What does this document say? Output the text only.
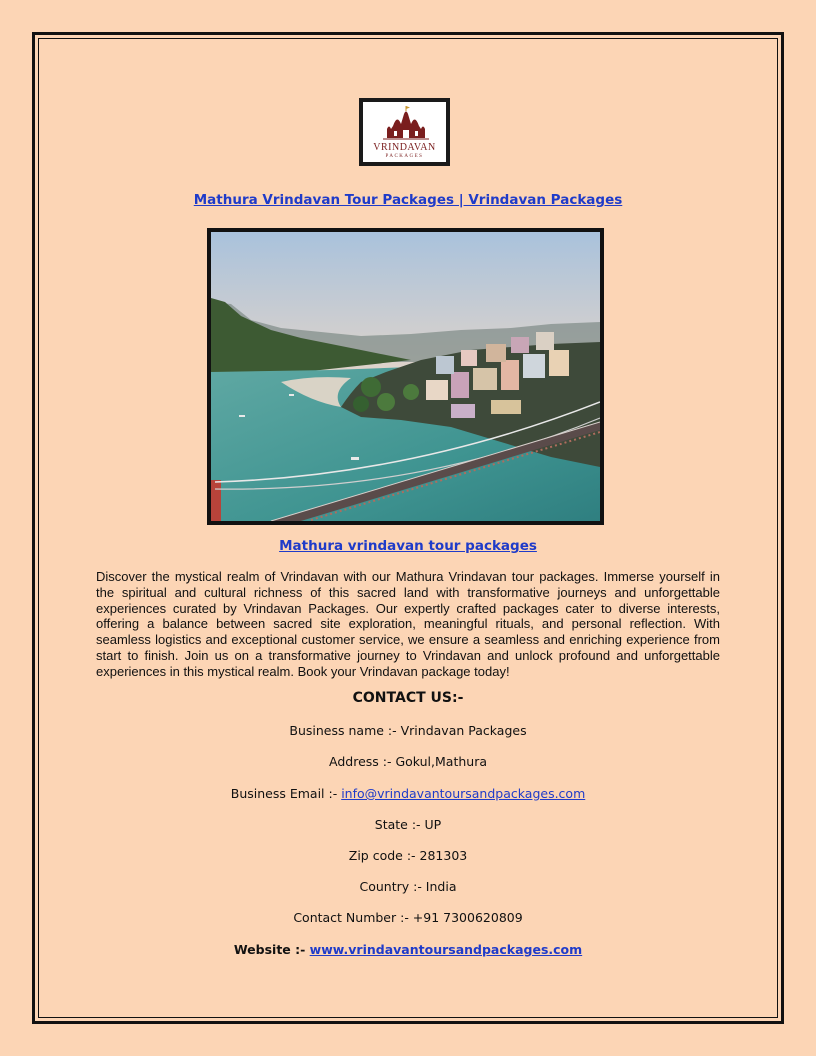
VRINDAVAN
PACKAGES
Mathura Vrindavan Tour Packages | Vrindavan Packages
Mathura vrindavan tour packages

Discover the mystical realm of Vrindavan with our Mathura Vrindavan tour packages. Immerse yourself in the spiritual and cultural richness of this sacred land with transformative journeys and unforgettable experiences curated by Vrindavan Packages. Our expertly crafted packages cater to diverse interests, offering a balance between sacred site exploration, meaningful rituals, and personal reflection. With seamless logistics and exceptional customer service, we ensure a seamless and enriching experience from start to finish. Join us on a transformative journey to Vrindavan and unlock profound and unforgettable experiences in this mystical realm. Book your Vrindavan package today!

CONTACT US:-
Business name :- Vrindavan Packages
Address :- Gokul,Mathura
Business Email :- info@vrindavantoursandpackages.com
State :- UP
Zip code :- 281303
Country :- India
Contact Number :- +91 7300620809
Website :- www.vrindavantoursandpackages.com
